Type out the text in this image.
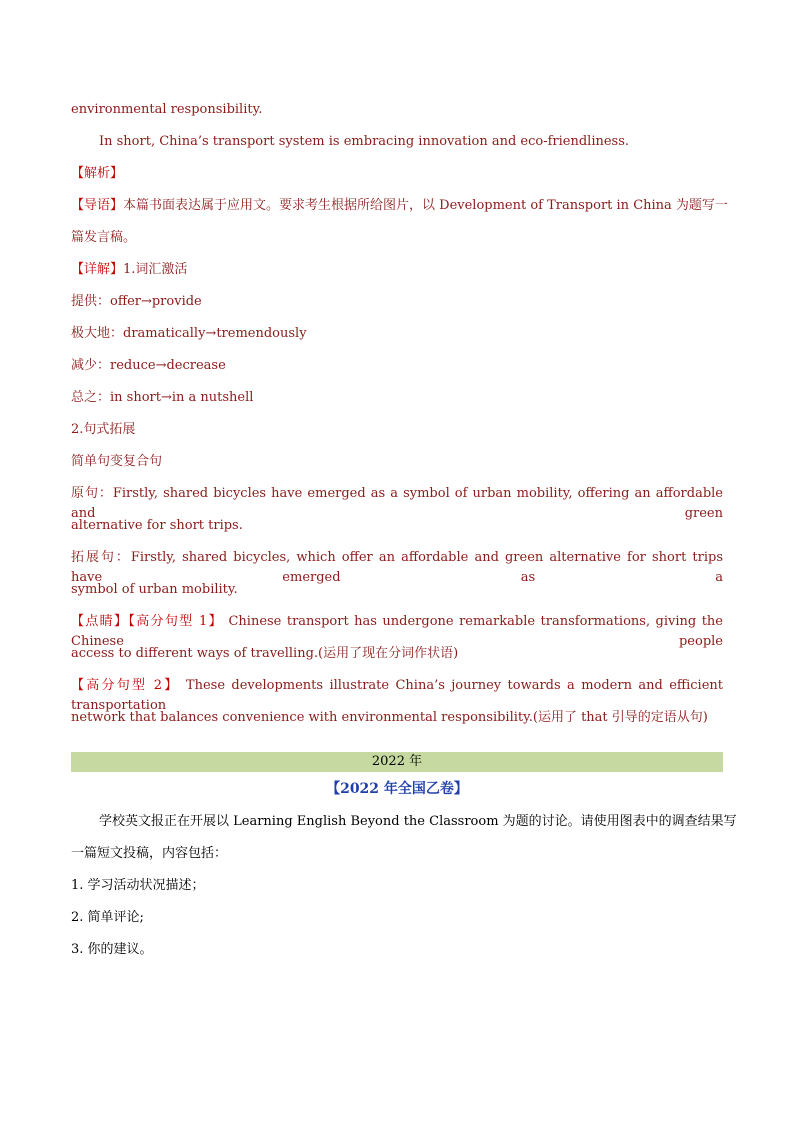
environmental responsibility.
In short, China’s transport system is embracing innovation and eco-friendliness.
【解析】
【导语】本篇书面表达属于应用文。要求考生根据所给图片，以 Development of Transport in China 为题写一
篇发言稿。
【详解】1.词汇激活
提供：offer→provide
极大地：dramatically→tremendously
减少：reduce→decrease
总之：in short→in a nutshell
2.句式拓展
简单句变复合句
原句：Firstly, shared bicycles have emerged as a symbol of urban mobility, offering an affordable and green
alternative for short trips.
拓展句：Firstly, shared bicycles, which offer an affordable and green alternative for short trips have emerged as a
symbol of urban mobility.
【点睛】【高分句型 1】 Chinese transport has undergone remarkable transformations, giving the Chinese people
access to different ways of travelling.(运用了现在分词作状语)
【高分句型 2】 These developments illustrate China’s journey towards a modern and efficient transportation
network that balances convenience with environmental responsibility.(运用了 that 引导的定语从句)
2022 年
【2022 年全国乙卷】
学校英文报正在开展以 Learning English Beyond the Classroom 为题的讨论。请使用图表中的调查结果写
一篇短文投稿，内容包括：
1. 学习活动状况描述；
2. 简单评论;
3. 你的建议。
